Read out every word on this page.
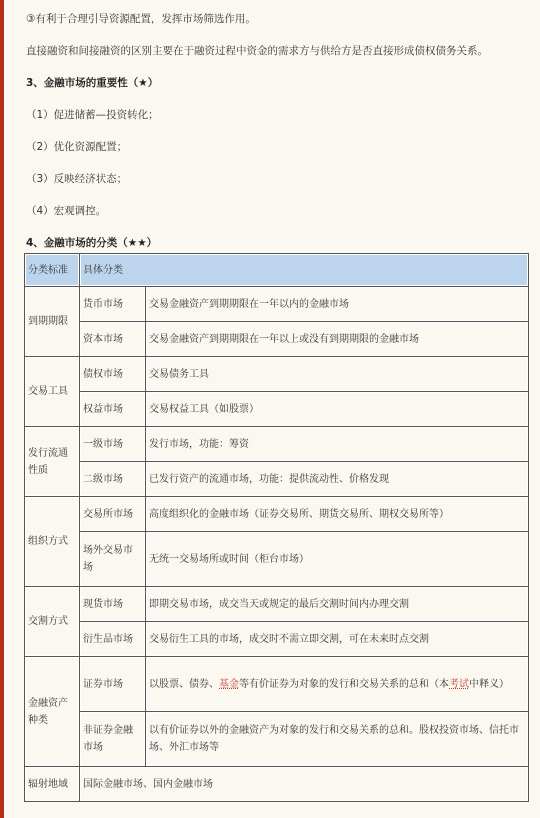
③有利于合理引导资源配置，发挥市场筛选作用。
直接融资和间接融资的区别主要在于融资过程中资金的需求方与供给方是否直接形成债权债务关系。
3、金融市场的重要性（★）
（1）促进储蓄—投资转化；
（2）优化资源配置；
（3）反映经济状态；
（4）宏观调控。
4、金融市场的分类（★★）
分类标准	具体分类	
到期期限	货币市场	交易金融资产到期期限在一年以内的金融市场
	资本市场	交易金融资产到期期限在一年以上或没有到期期限的金融市场
交易工具	债权市场	交易债务工具
	权益市场	交易权益工具（如股票）
发行流通性质	一级市场	发行市场，功能：筹资
	二级市场	已发行资产的流通市场，功能：提供流动性、价格发现
组织方式	交易所市场	高度组织化的金融市场（证券交易所、期货交易所、期权交易所等）
	场外交易市场	无统一交易场所或时间（柜台市场）
交割方式	现货市场	即期交易市场，成交当天或规定的最后交割时间内办理交割
	衍生品市场	交易衍生工具的市场，成交时不需立即交割，可在未来时点交割
金融资产种类	证券市场	以股票、债券、基金等有价证券为对象的发行和交易关系的总和（本考试中释义）
	非证券金融市场	以有价证券以外的金融资产为对象的发行和交易关系的总和。股权投资市场、信托市场、外汇市场等
辐射地域	国际金融市场、国内金融市场	
